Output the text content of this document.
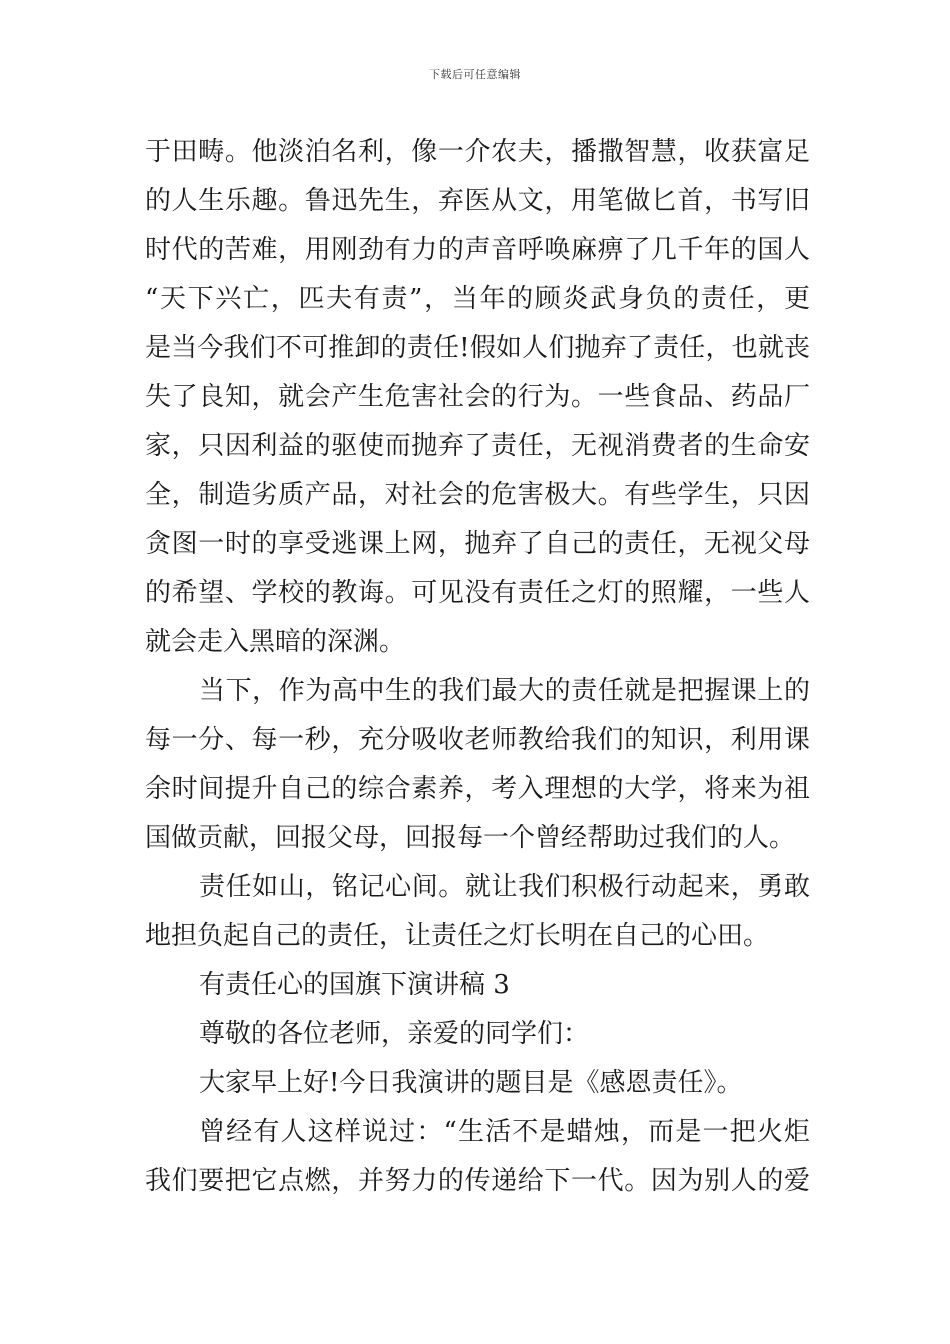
下载后可任意编辑
于田畴。他淡泊名利，像一介农夫，播撒智慧，收获富足
的人生乐趣。鲁迅先生，弃医从文，用笔做匕首，书写旧
时代的苦难，用刚劲有力的声音呼唤麻痹了几千年的国人
“天下兴亡，匹夫有责”，当年的顾炎武身负的责任，更
是当今我们不可推卸的责任!假如人们抛弃了责任，也就丧
失了良知，就会产生危害社会的行为。一些食品、药品厂
家，只因利益的驱使而抛弃了责任，无视消费者的生命安
全，制造劣质产品，对社会的危害极大。有些学生，只因
贪图一时的享受逃课上网，抛弃了自己的责任，无视父母
的希望、学校的教诲。可见没有责任之灯的照耀，一些人
就会走入黑暗的深渊。
当下，作为高中生的我们最大的责任就是把握课上的
每一分、每一秒，充分吸收老师教给我们的知识，利用课
余时间提升自己的综合素养，考入理想的大学，将来为祖
国做贡献，回报父母，回报每一个曾经帮助过我们的人。
责任如山，铭记心间。就让我们积极行动起来，勇敢
地担负起自己的责任，让责任之灯长明在自己的心田。
有责任心的国旗下演讲稿 3
尊敬的各位老师，亲爱的同学们：
大家早上好!今日我演讲的题目是《感恩责任》。
曾经有人这样说过：“生活不是蜡烛，而是一把火炬
我们要把它点燃，并努力的传递给下一代。因为别人的爱
